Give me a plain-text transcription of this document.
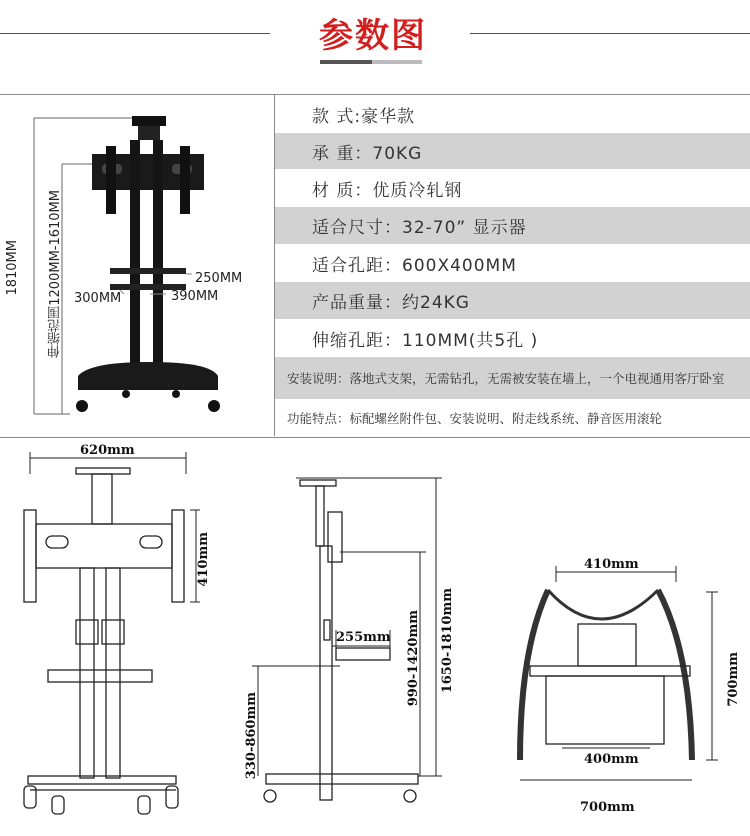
参数图
1810MM 伸缩范围1200MM-1610MM	250MM
300MM	390MM
款 式:豪华款
承 重：70KG
材 质：优质冷轧钢
适合尺寸：32-70” 显示器
适合孔距：600X400MM
产品重量：约24KG
伸缩孔距：110MM(共5孔 )
安装说明：落地式支架，无需钻孔，无需被安装在墙上，一个电视通用客厅卧室
功能特点：标配螺丝附件包、安装说明、附走线系统、静音医用滚轮
620mm
410mm
255mm
330-860mm
990-1420mm 1650-1810mm
410mm
400mm
700mm
700mm
